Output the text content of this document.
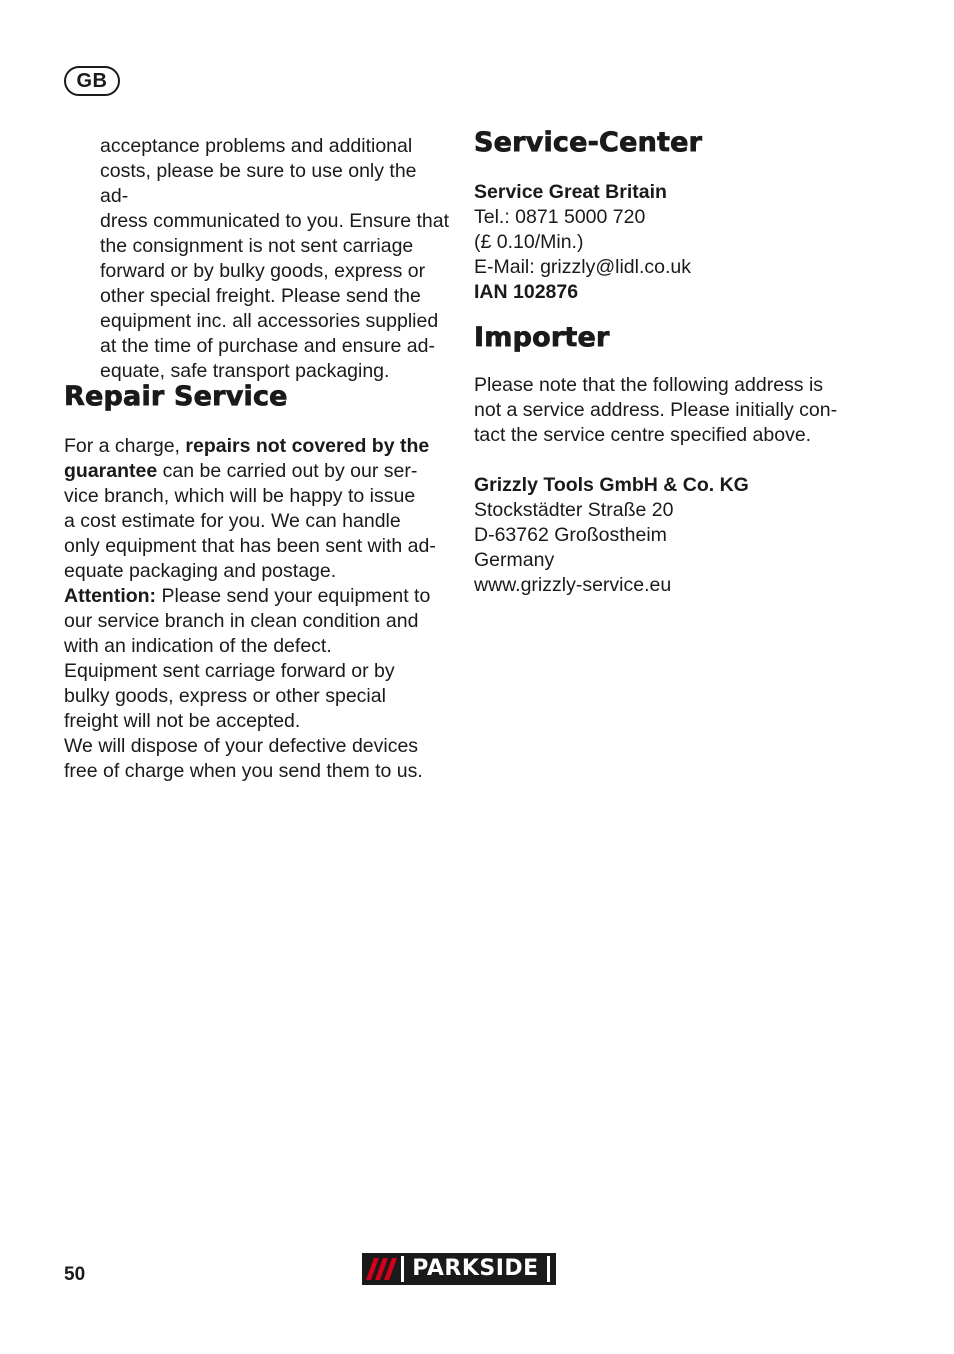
GB

acceptance problems and additional

costs, please be sure to use only the ad-

dress communicated to you. Ensure that

the consignment is not sent carriage

forward or by bulky goods, express or

other special freight. Please send the

equipment inc. all accessories supplied

at the time of purchase and ensure ad-

equate, safe transport packaging.

Repair Service

For a charge, repairs not covered by the

guarantee can be carried out by our ser-

vice branch, which will be happy to issue

a cost estimate for you. We can handle

only equipment that has been sent with ad-

equate packaging and postage.

Attention: Please send your equipment to

our service branch in clean condition and

with an indication of the defect.

Equipment sent carriage forward or by

bulky goods, express or other special

freight will not be accepted.

We will dispose of your defective devices

free of charge when you send them to us.

Service-Center

Service Great Britain

Tel.: 0871 5000 720

(£ 0.10/Min.)

E-Mail: grizzly@lidl.co.uk

IAN 102876

Importer

Please note that the following address is

not a service address. Please initially con-

tact the service centre specified above.

Grizzly Tools GmbH & Co. KG

Stockstädter Straße 20

D-63762 Großostheim

Germany

www.grizzly-service.eu

50	PARKSIDE
